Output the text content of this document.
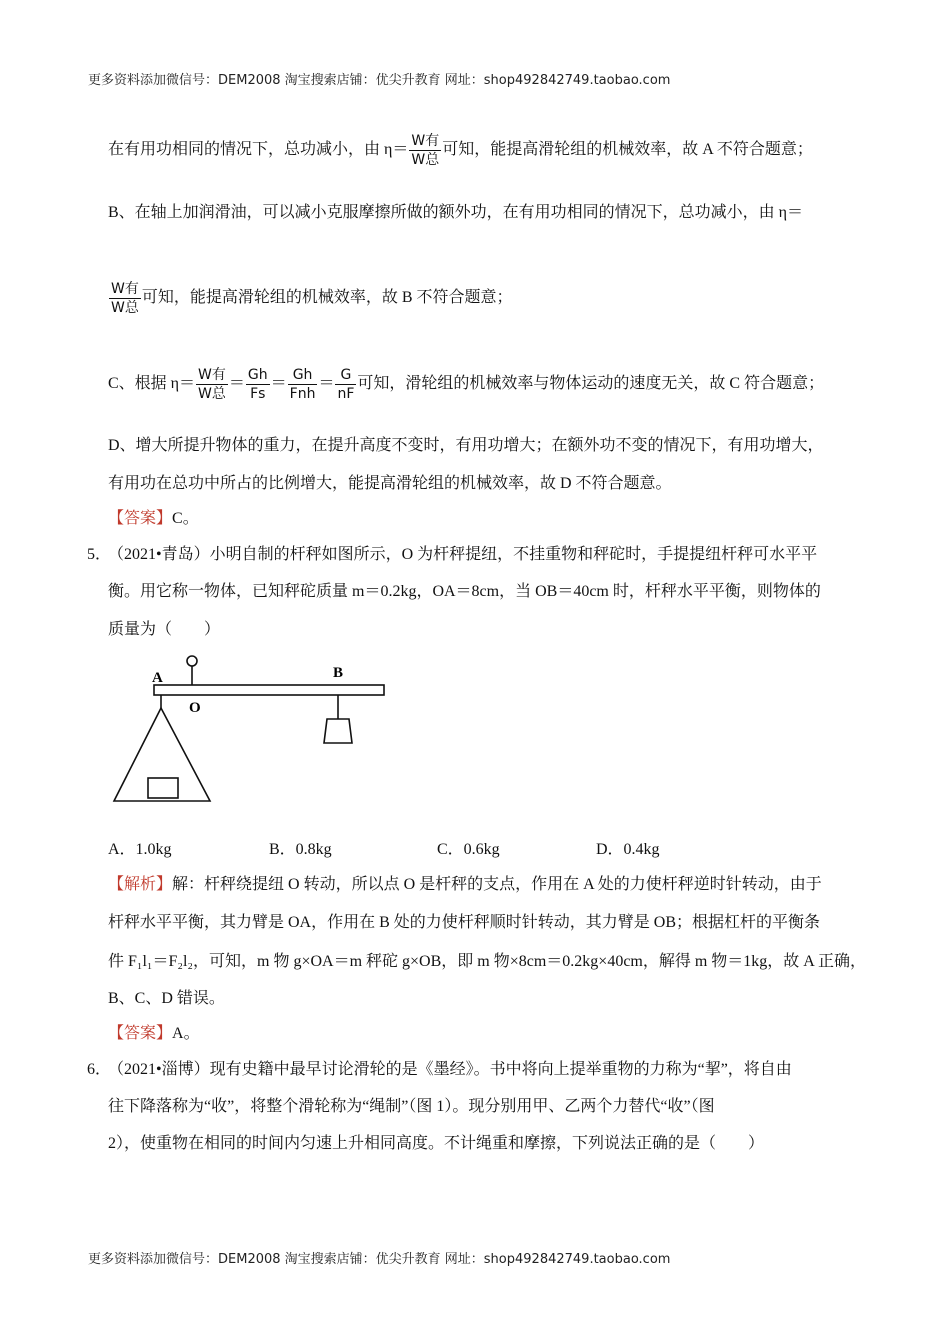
更多资料添加微信号：DEM2008 淘宝搜索店铺：优尖升教育 网址：shop492842749.taobao.com
在有用功相同的情况下，总功减小，由 $\eta= \frac{\text{W有}}{\text{W总}}$ 可知，能提高滑轮组的机械效率，故 A 不符合题意；
B、在轴上加润滑油，可以减小克服摩擦所做的额外功，在有用功相同的情况下，总功减小，由 η＝
$\frac{\text{W有}}{\text{W总}}$ 可知，能提高滑轮组的机械效率，故 B 不符合题意；
C、根据 $\eta= \frac{\text{W有}}{\text{W总}} = \frac{Gh}{Fs} = \frac{Gh}{\text{Fnh}} = \frac{G}{nF}$ 可知，滑轮组的机械效率与物体运动的速度无关，故 C 符合题意；
D、增大所提升物体的重力，在提升高度不变时，有用功增大；在额外功不变的情况下，有用功增大，
有用功在总功中所占的比例增大，能提高滑轮组的机械效率，故 D 不符合题意。
【答案】C。
5．
（2021•青岛）小明自制的杆秤如图所示，O 为杆秤提纽，不挂重物和秤砣时，手提提纽杆秤可水平平
衡。用它称一物体，已知秤砣质量 m＝0.2kg，OA＝8cm，当 OB＝40cm 时，杆秤水平平衡，则物体的
质量为（　　）
A
O
B
A．1.0kg	B．0.8kg	C．0.6kg	D．0.4kg
【解析】解：杆秤绕提纽 O 转动，所以点 O 是杆秤的支点，作用在 A 处的力使杆秤逆时针转动，由于
杆秤水平平衡，其力臂是 OA，作用在 B 处的力使杆秤顺时针转动，其力臂是 OB；根据杠杆的平衡条
件 F₁l₁＝F₂l₂，可知，m 物 g×OA＝m 秤砣 g×OB，即 m 物×8cm＝0.2kg×40cm，解得 m 物＝1kg，故 A 正确，
B、C、D 错误。
【答案】A。
6．
（2021•淄博）现有史籍中最早讨论滑轮的是《墨经》。书中将向上提举重物的力称为“挈”，将自由
往下降落称为“收”，将整个滑轮称为“绳制”（图 1）。现分别用甲、乙两个力替代“收”（图
2），使重物在相同的时间内匀速上升相同高度。不计绳重和摩擦，下列说法正确的是（　　）
更多资料添加微信号：DEM2008 淘宝搜索店铺：优尖升教育 网址：shop492842749.taobao.com
